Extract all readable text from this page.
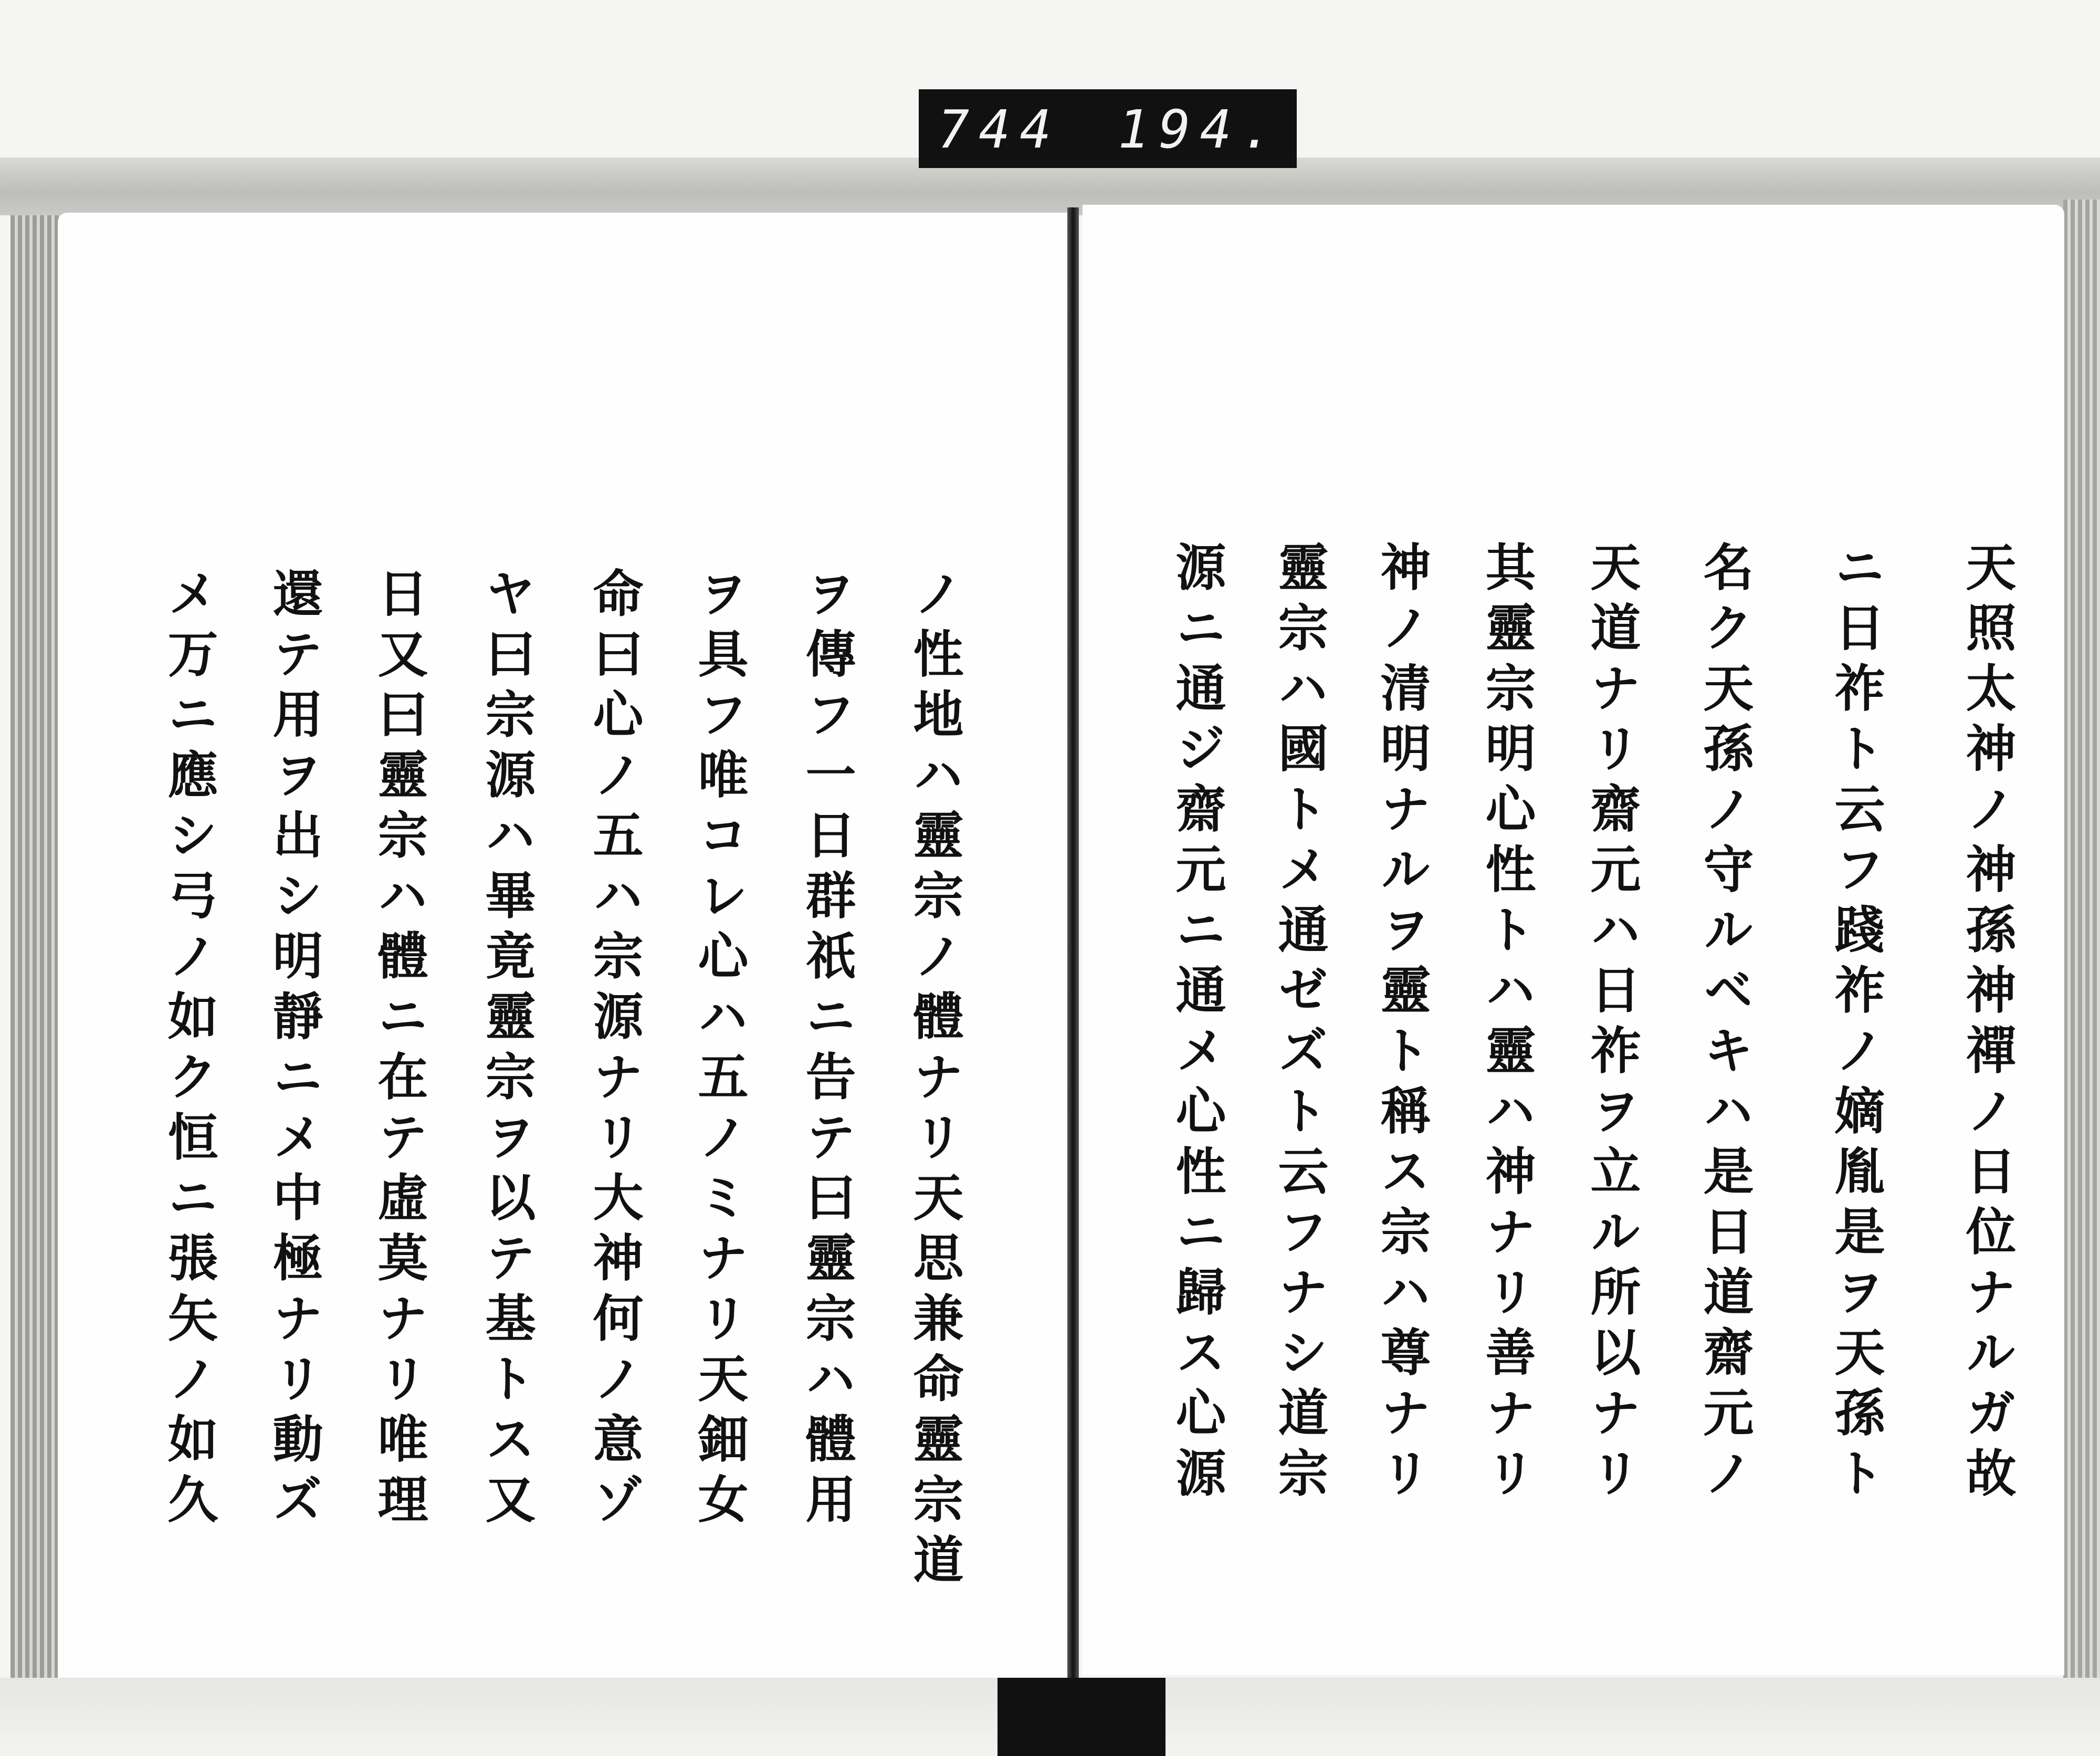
744 194.
天照太神ノ神孫神禪ノ日位ナルガ故
ニ日祚ト云フ踐祚ノ嫡胤是ヲ天孫ト
名ク天孫ノ守ルベキハ是日道齋元ノ
天道ナリ齋元ハ日祚ヲ立ル所以ナリ
其靈宗明心性トハ靈ハ神ナリ善ナリ
神ノ清明ナルヲ靈ト稱ス宗ハ尊ナリ
靈宗ハ國トメ通ゼズト云フナシ道宗
源ニ通ジ齋元ニ通メ心性ニ歸ス心源
ノ性地ハ靈宗ノ體ナリ天思兼命靈宗道
ヲ傳フ一日群祇ニ告テ曰靈宗ハ體用
ヲ具フ唯コレ心ハ五ノミナリ天鈿女
命曰心ノ五ハ宗源ナリ大神何ノ意ゾ
ヤ曰宗源ハ畢竟靈宗ヲ以テ基トス又
日又曰靈宗ハ體ニ在テ虛莫ナリ唯理
還テ用ヲ出シ明靜ニメ中極ナリ動ズ
メ万ニ應シ弓ノ如ク恒ニ張矢ノ如久
